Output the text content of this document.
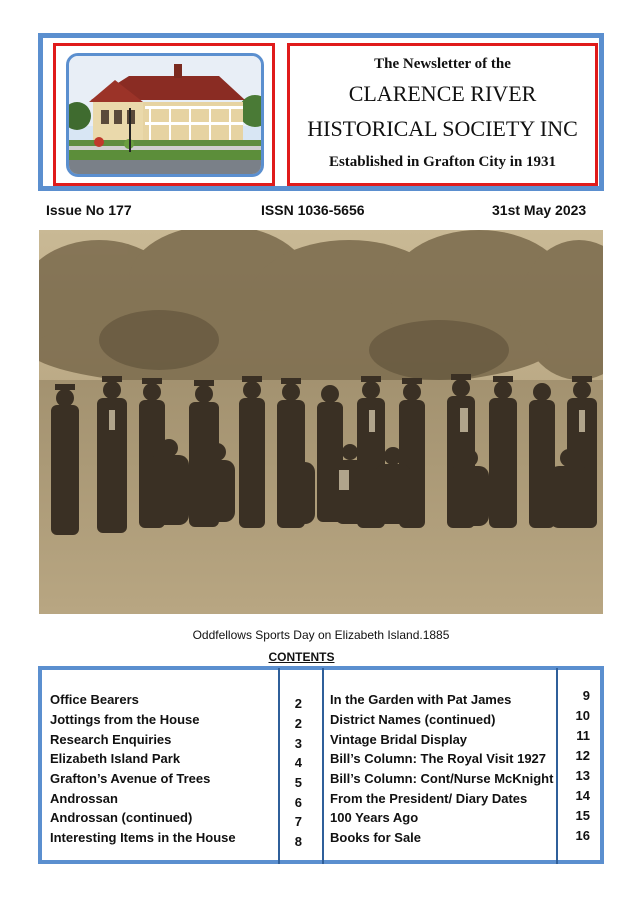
The Newsletter of the
CLARENCE RIVER
HISTORICAL SOCIETY INC
Established in Grafton City in 1931
Issue No 177	ISSN 1036-5656	31st May 2023
Oddfellows Sports Day on Elizabeth Island.1885
CONTENTS
Office Bearers	2
Jottings from the House	2
Research Enquiries	3
Elizabeth Island Park	4
Grafton’s Avenue of Trees	5
Androssan	6
Androssan (continued)	7
Interesting Items in the House	8
In the Garden with Pat James	9
District Names (continued)	10
Vintage Bridal Display	11
Bill’s Column: The Royal Visit 1927	12
Bill’s Column: Cont/Nurse McKnight	13
From the President/ Diary Dates	14
100 Years Ago	15
Books for Sale	16
